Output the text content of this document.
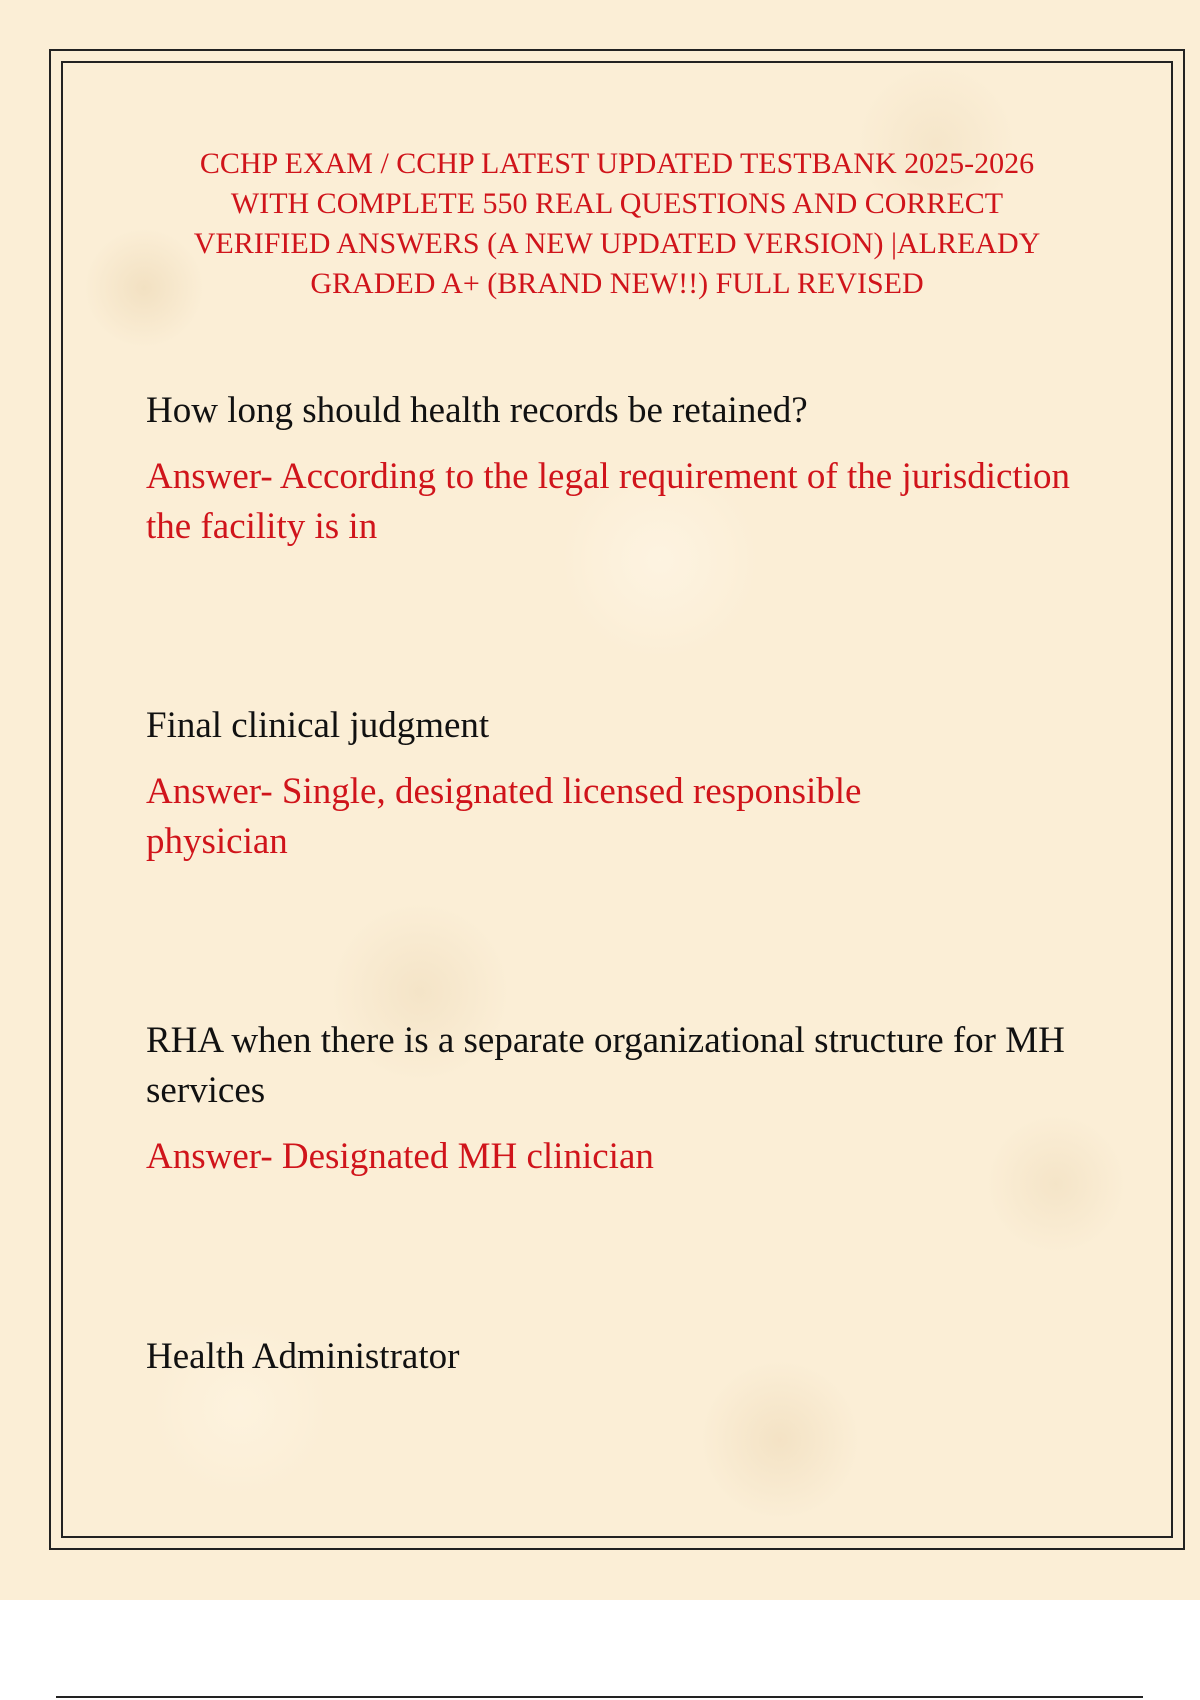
CCHP EXAM / CCHP LATEST UPDATED TESTBANK 2025-2026
WITH COMPLETE 550 REAL QUESTIONS AND CORRECT
VERIFIED ANSWERS (A NEW UPDATED VERSION) |ALREADY
GRADED A+ (BRAND NEW!!) FULL REVISED

How long should health records be retained?

Answer- According to the legal requirement of the jurisdiction the facility is in

Final clinical judgment

Answer- Single, designated licensed responsible physician

RHA when there is a separate organizational structure for MH services

Answer- Designated MH clinician

Health Administrator
